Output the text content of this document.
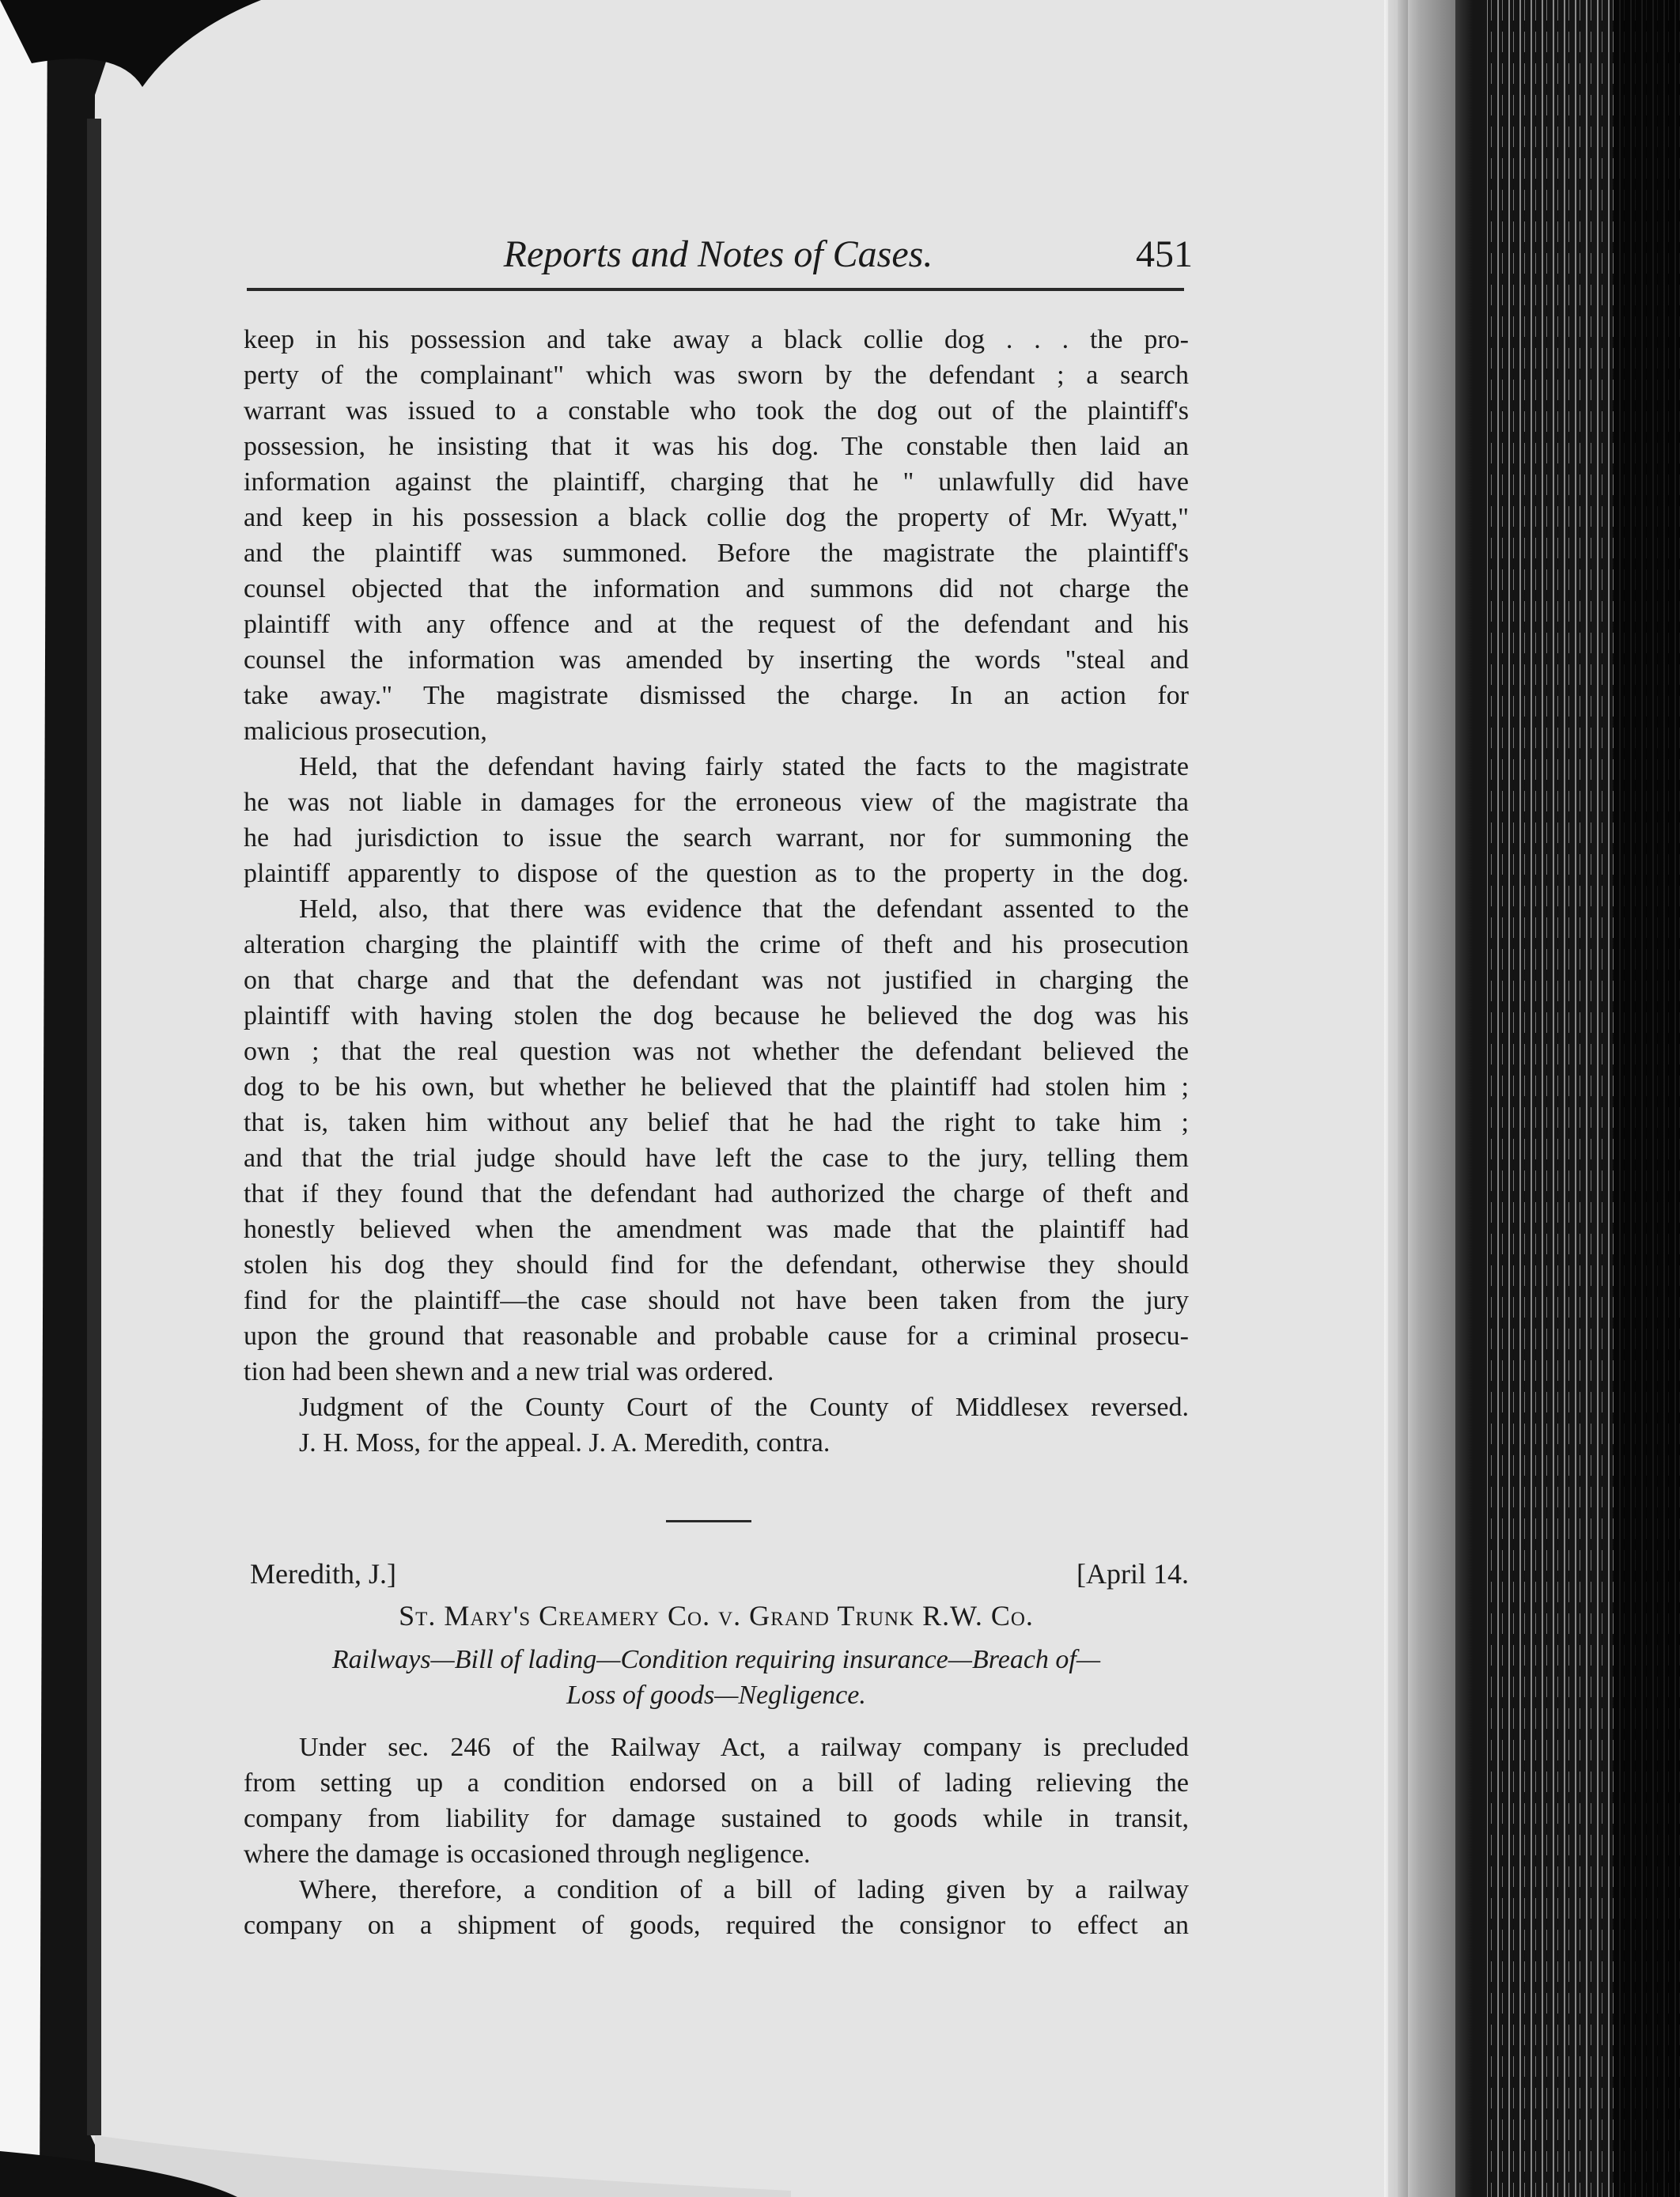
Reports and Notes of Cases.	451
keep in his possession and take away a black collie dog . . . the pro-
perty of the complainant" which was sworn by the defendant ; a search
warrant was issued to a constable who took the dog out of the plaintiff's
possession, he insisting that it was his dog. The constable then laid an
information against the plaintiff, charging that he " unlawfully did have
and keep in his possession a black collie dog the property of Mr. Wyatt,"
and the plaintiff was summoned. Before the magistrate the plaintiff's
counsel objected that the information and summons did not charge the
plaintiff with any offence and at the request of the defendant and his
counsel the information was amended by inserting the words "steal and
take away." The magistrate dismissed the charge. In an action for
malicious prosecution,
Held, that the defendant having fairly stated the facts to the magistrate
he was not liable in damages for the erroneous view of the magistrate tha
he had jurisdiction to issue the search warrant, nor for summoning the
plaintiff apparently to dispose of the question as to the property in the dog.
Held, also, that there was evidence that the defendant assented to the
alteration charging the plaintiff with the crime of theft and his prosecution
on that charge and that the defendant was not justified in charging the
plaintiff with having stolen the dog because he believed the dog was his
own ; that the real question was not whether the defendant believed the
dog to be his own, but whether he believed that the plaintiff had stolen him ;
that is, taken him without any belief that he had the right to take him ;
and that the trial judge should have left the case to the jury, telling them
that if they found that the defendant had authorized the charge of theft and
honestly believed when the amendment was made that the plaintiff had
stolen his dog they should find for the defendant, otherwise they should
find for the plaintiff—the case should not have been taken from the jury
upon the ground that reasonable and probable cause for a criminal prosecu-
tion had been shewn and a new trial was ordered.
Judgment of the County Court of the County of Middlesex reversed.
J. H. Moss, for the appeal. J. A. Meredith, contra.
Meredith, J.]	[April 14.
St. Mary's Creamery Co. v. Grand Trunk R.W. Co.
Railways—Bill of lading—Condition requiring insurance—Breach of—
Loss of goods—Negligence.
Under sec. 246 of the Railway Act, a railway company is precluded
from setting up a condition endorsed on a bill of lading relieving the
company from liability for damage sustained to goods while in transit,
where the damage is occasioned through negligence.
Where, therefore, a condition of a bill of lading given by a railway
company on a shipment of goods, required the consignor to effect an
